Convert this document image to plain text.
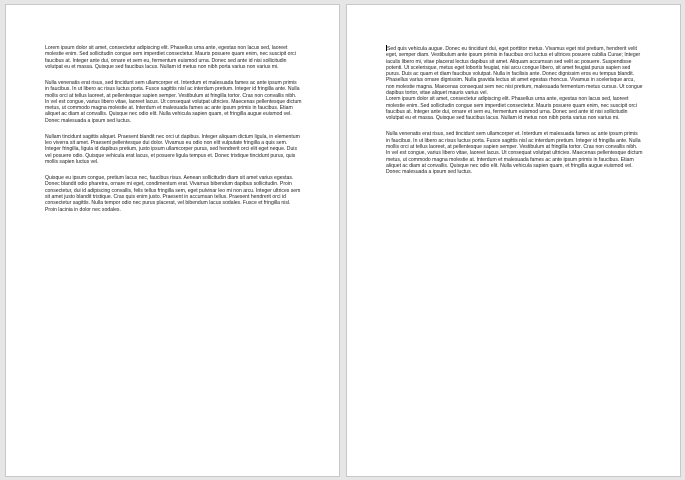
Lorem ipsum dolor sit amet, consectetur adipiscing elit. Phasellus urna ante, egestas non lacus sed, laoreet molestie enim. Sed sollicitudin congue sem imperdiet consectetur. Mauris posuere quam enim, nec suscipit orci faucibus at. Integer ante dui, ornare et sem eu, fermentum euismod urna. Donec sed ante id nisi sollicitudin volutpat eu et massa. Quisque sed faucibus lacus. Nullam id metus non nibh porta varius non varius mi.

Nulla venenatis erat risus, sed tincidunt sem ullamcorper et. Interdum et malesuada fames ac ante ipsum primis in faucibus. In ut libero ac risus luctus porta. Fusce sagittis nisl ac interdum pretium. Integer id fringilla ante. Nulla mollis orci at tellus laoreet, at pellentesque sapien semper. Vestibulum at fringilla tortor. Cras non convallis nibh. In vel est congue, varius libero vitae, laoreet lacus. Ut consequat volutpat ultricies. Maecenas pellentesque dictum metus, ut commodo magna molestie at. Interdum et malesuada fames ac ante ipsum primis in faucibus. Etiam aliquet ac diam at convallis. Quisque nec odio elit. Nulla vehicula sapien quam, et fringilla augue euismod vel. Donec malesuada a ipsum sed luctus.

Nullam tincidunt sagittis aliquet. Praesent blandit nec orci ut dapibus. Integer aliquam dictum ligula, in elementum leo viverra sit amet. Praesent pellentesque dui dolor. Vivamus eu odio non elit vulputate fringilla a quis sem. Integer fringilla, ligula id dapibus pretium, justo ipsum ullamcorper purus, sed hendrerit orci elit eget neque. Duis vel posuere odio. Quisque vehicula erat lacus, et posuere ligula tempus et. Donec tristique tincidunt purus, quis mollis sapien luctus vel.

Quisque eu ipsum congue, pretium lacus nec, faucibus risus. Aenean sollicitudin diam sit amet varius egestas. Donec blandit odio pharetra, ornare mi eget, condimentum erat. Vivamus bibendum dapibus sollicitudin. Proin consectetur, dui id adipiscing convallis, felis tellus fringilla sem, eget pulvinar leo mi non arcu. Integer ultrices sem sit amet justo blandit tristique. Cras quis enim justo. Praesent in accumsan tellus. Praesent hendrerit orci id consectetur sagittis. Nulla tempor odio nec purus placerat, vel bibendum lacus sodales. Fusce et fringilla nisl. Proin lacinia in dolor nec sodales.

Sed quis vehicula augue. Donec eu tincidunt dui, eget porttitor metus. Vivamus eget nisl pretium, hendrerit velit eget, semper diam. Vestibulum ante ipsum primis in faucibus orci luctus et ultrices posuere cubilia Curae; Integer iaculis libero mi, vitae placerat lectus dapibus sit amet. Aliquam accumsan sed velit ac posuere. Suspendisse potenti. Ut scelerisque, metus eget lobortis feugiat, nisi arcu congue libero, sit amet feugiat purus sapien sed purus. Duis ac quam et diam faucibus volutpat. Nulla in facilisis ante. Donec dignissim eros eu tempus blandit. Phasellus varius ornare dignissim. Nulla gravida lectus sit amet egestas rhoncus. Vivamus in scelerisque arcu, non molestie magna. Maecenas consequat sem nec nisi pretium, malesuada fermentum metus cursus. Ut congue dapibus tortor, vitae aliquet mauris varius vel.

Lorem ipsum dolor sit amet, consectetur adipiscing elit. Phasellus urna ante, egestas non lacus sed, laoreet molestie enim. Sed sollicitudin congue sem imperdiet consectetur. Mauris posuere quam enim, nec suscipit orci faucibus at. Integer ante dui, ornare et sem eu, fermentum euismod urna. Donec sed ante id nisi sollicitudin volutpat eu et massa. Quisque sed faucibus lacus. Nullam id metus non nibh porta varius non varius mi.

Nulla venenatis erat risus, sed tincidunt sem ullamcorper et. Interdum et malesuada fames ac ante ipsum primis in faucibus. In ut libero ac risus luctus porta. Fusce sagittis nisl ac interdum pretium. Integer id fringilla ante. Nulla mollis orci at tellus laoreet, at pellentesque sapien semper. Vestibulum at fringilla tortor. Cras non convallis nibh. In vel est congue, varius libero vitae, laoreet lacus. Ut consequat volutpat ultricies. Maecenas pellentesque dictum metus, ut commodo magna molestie at. Interdum et malesuada fames ac ante ipsum primis in faucibus. Etiam aliquet ac diam at convallis. Quisque nec odio elit. Nulla vehicula sapien quam, et fringilla augue euismod vel. Donec malesuada a ipsum sed luctus.
